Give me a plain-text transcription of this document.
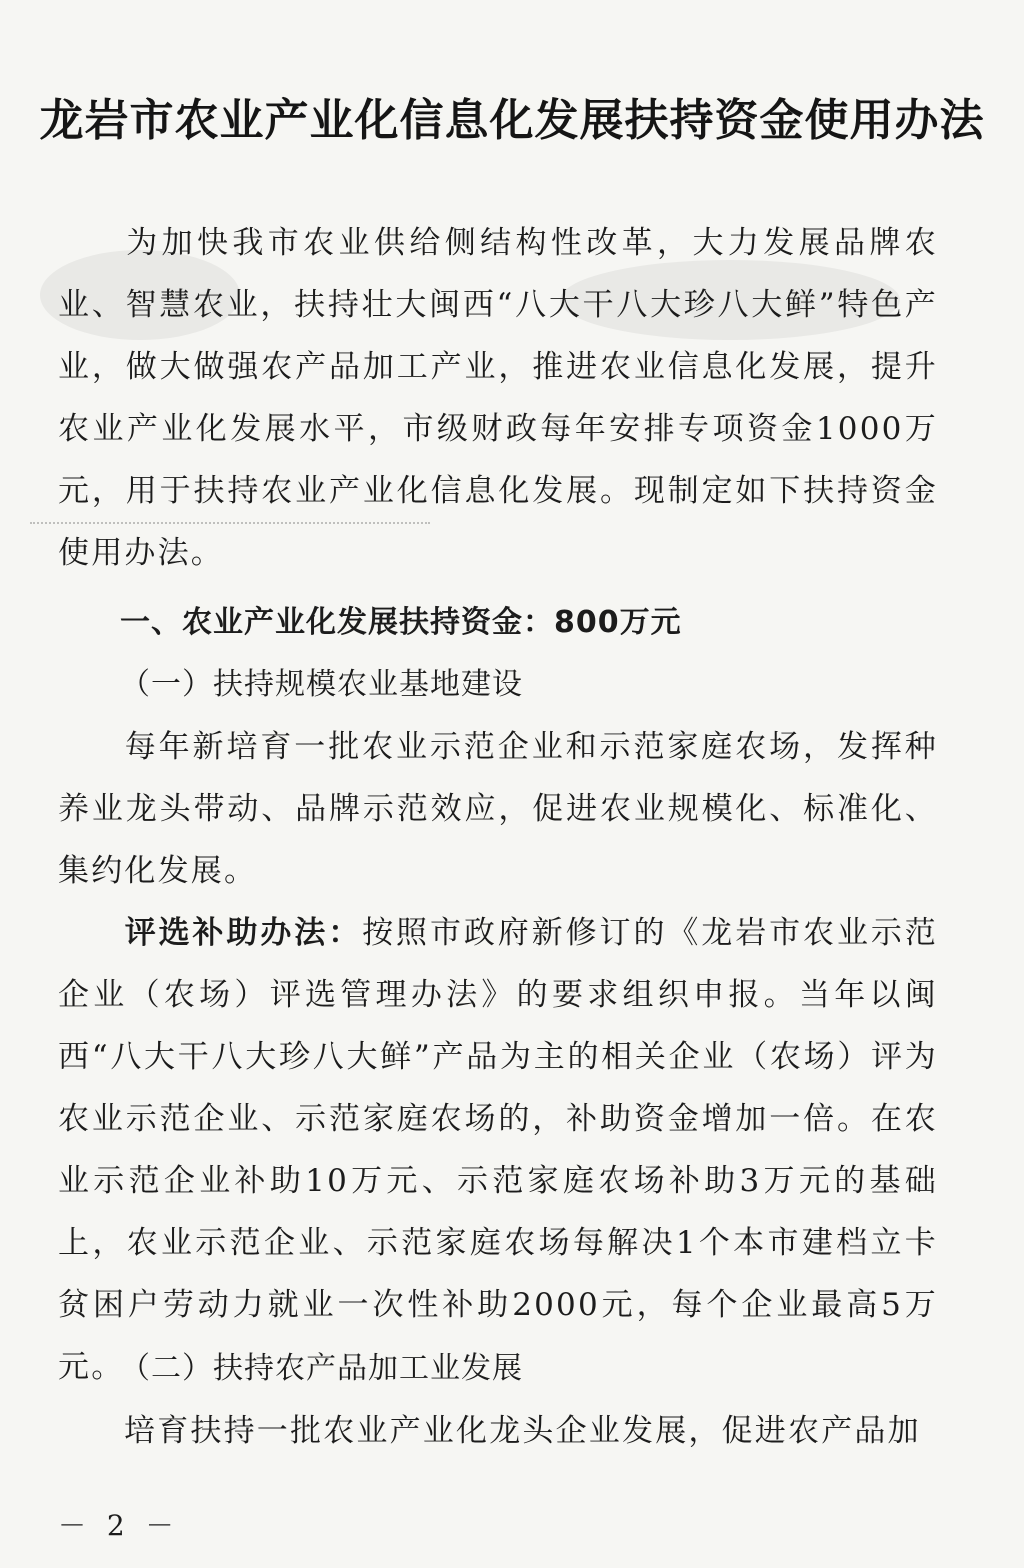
龙岩市农业产业化信息化发展扶持资金使用办法
为加快我市农业供给侧结构性改革，大力发展品牌农业、智慧农业，扶持壮大闽西“八大干八大珍八大鲜”特色产业，做大做强农产品加工产业，推进农业信息化发展，提升农业产业化发展水平，市级财政每年安排专项资金1000万元，用于扶持农业产业化信息化发展。现制定如下扶持资金使用办法。
一、农业产业化发展扶持资金：800万元
（一）扶持规模农业基地建设
每年新培育一批农业示范企业和示范家庭农场，发挥种养业龙头带动、品牌示范效应，促进农业规模化、标准化、集约化发展。
评选补助办法：按照市政府新修订的《龙岩市农业示范企业（农场）评选管理办法》的要求组织申报。当年以闽西“八大干八大珍八大鲜”产品为主的相关企业（农场）评为农业示范企业、示范家庭农场的，补助资金增加一倍。在农业示范企业补助10万元、示范家庭农场补助3万元的基础上，农业示范企业、示范家庭农场每解决1个本市建档立卡贫困户劳动力就业一次性补助2000元，每个企业最高5万元。
（二）扶持农产品加工业发展
培育扶持一批农业产业化龙头企业发展，促进农产品加
－ 2 －
